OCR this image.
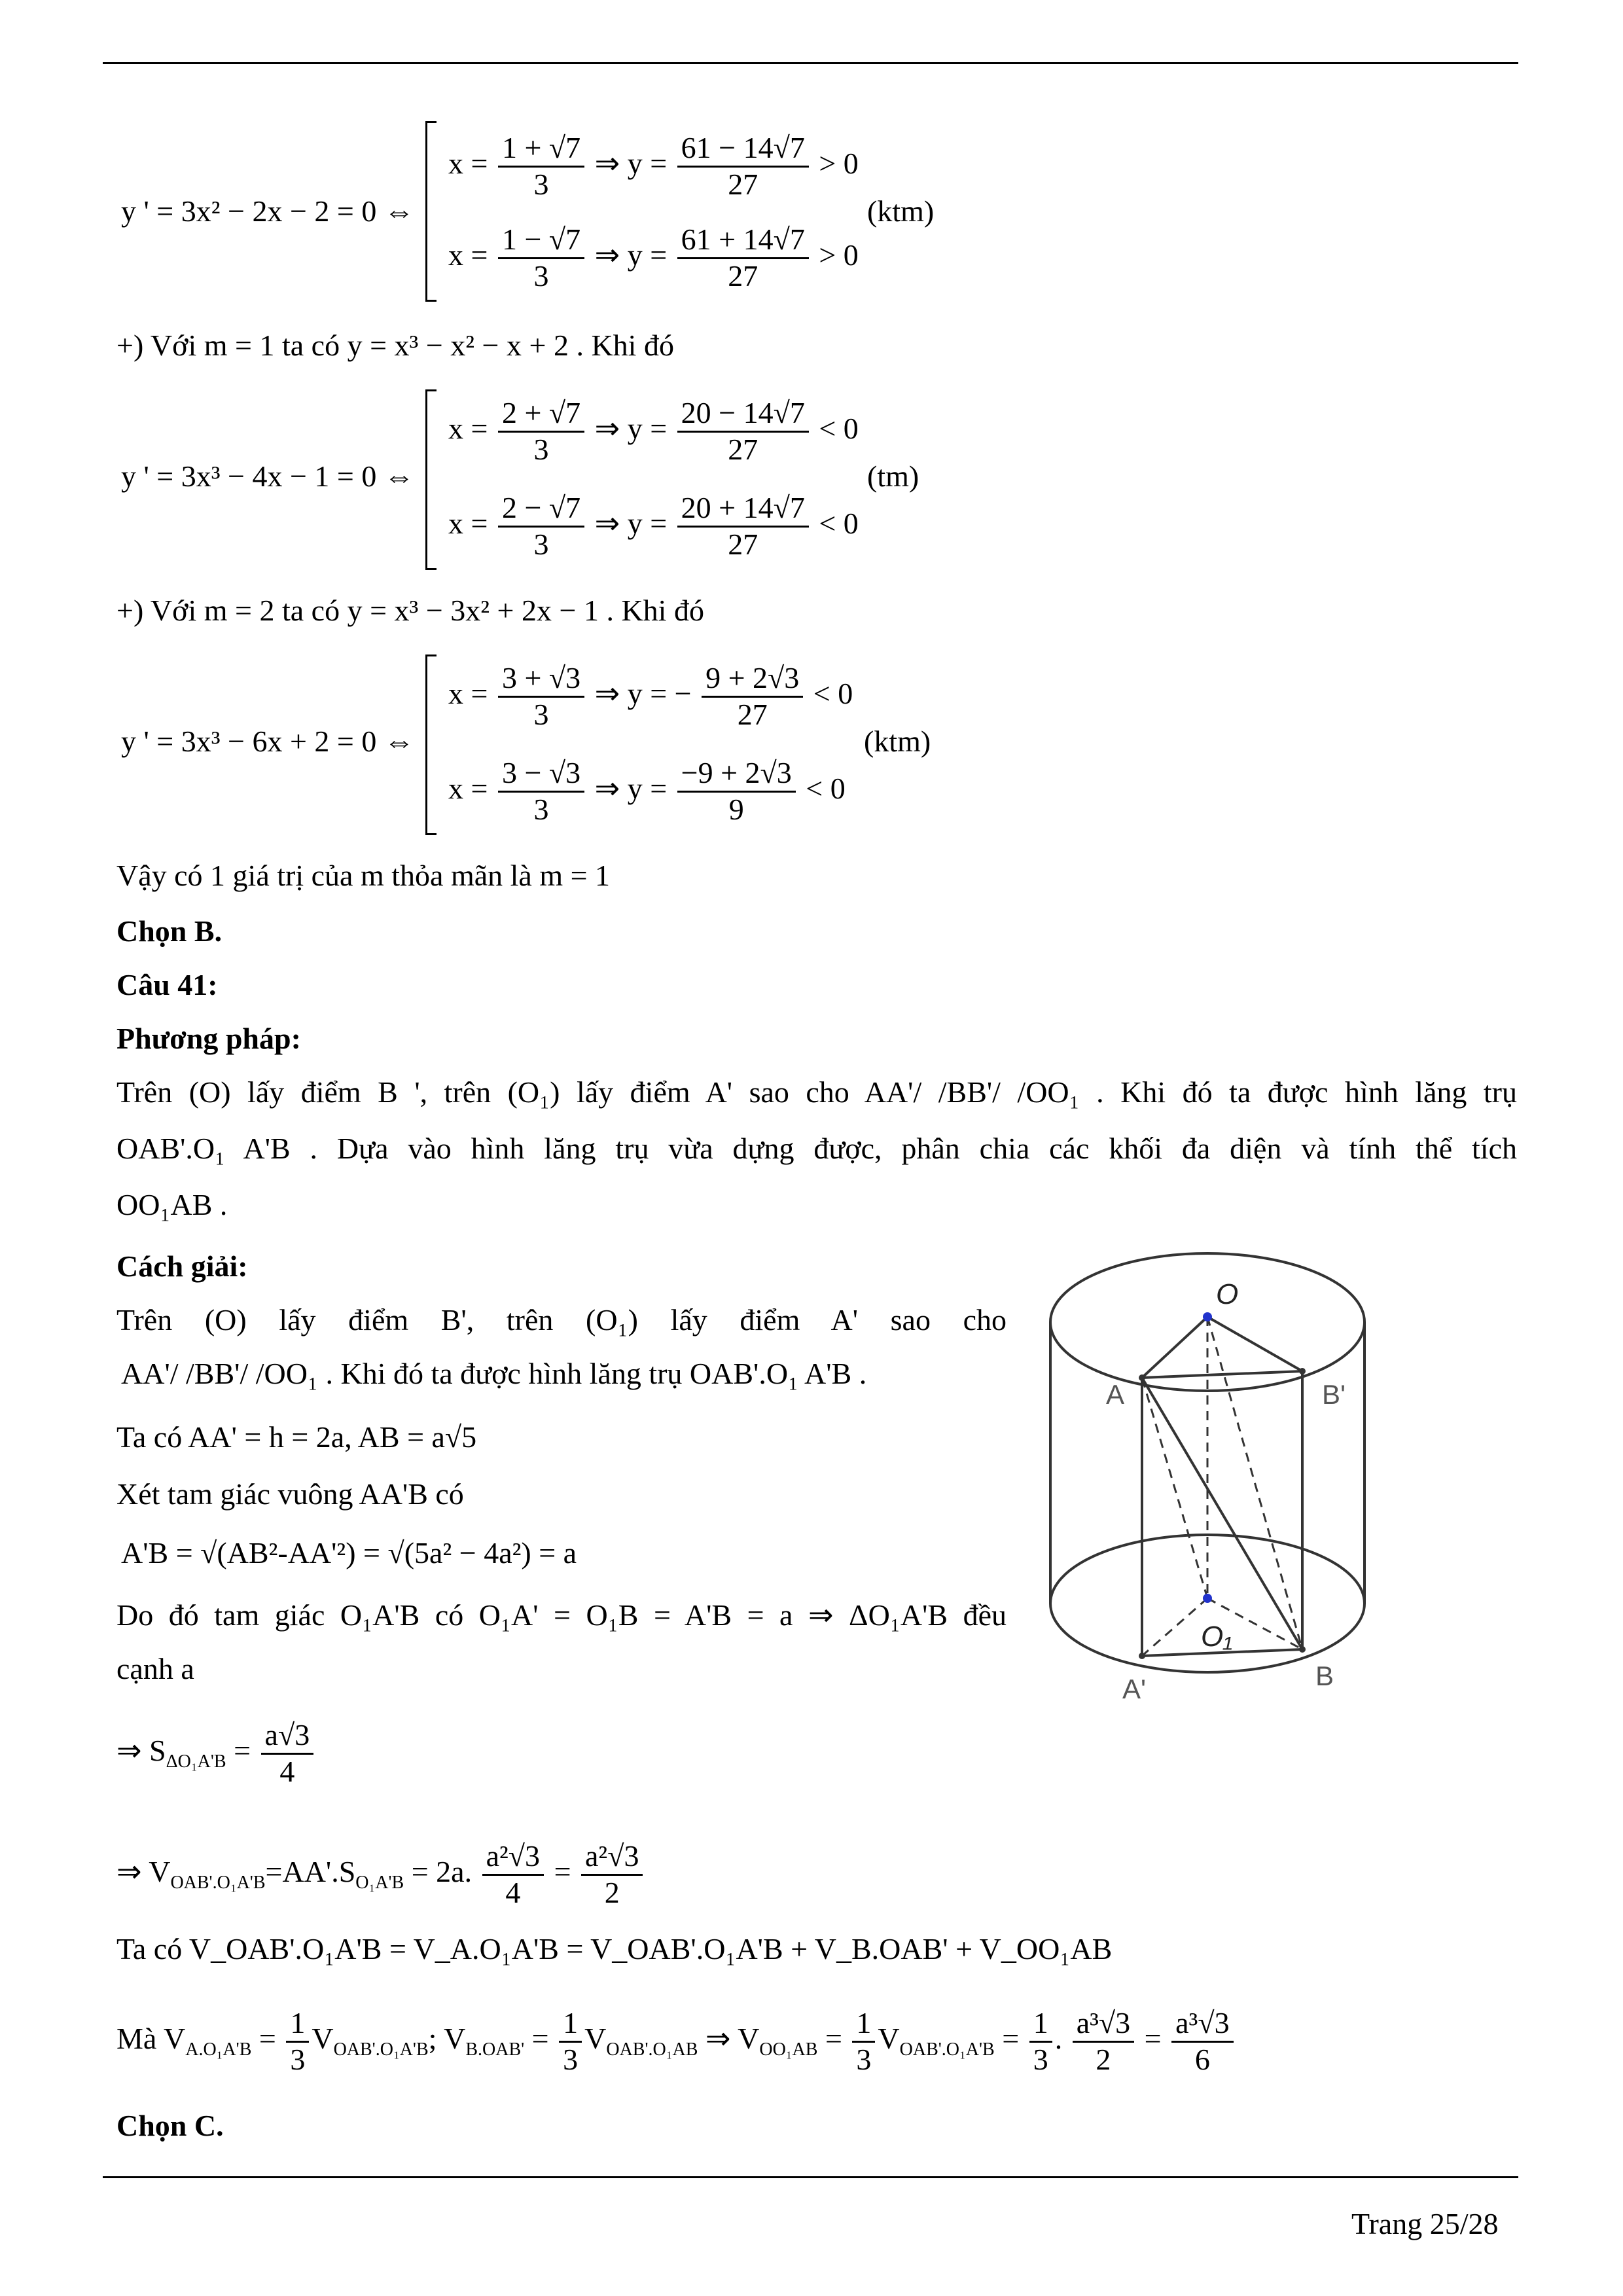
y ' = 3x² − 2x − 2 = 0 ⇔
$x = \frac{1 + √7}{3}$ ⇒ $y = \frac{61 - 14√7}{27} > 0$
(ktm)
$x = \frac{1 - √7}{3}$ ⇒ $y = \frac{61 + 14√7}{27} > 0$
+) Với m = 1 ta có y = x³ − x² − x + 2 . Khi đó
y ' = 3x³ − 4x − 1 = 0 ⇔
$x = \frac{2 + √7}{3}$ ⇒ $y = \frac{20 - 14√7}{27} < 0$
(tm)
$x = \frac{2 - √7}{3}$ ⇒ $y = \frac{20 + 14√7}{27} < 0$
+) Với m = 2 ta có y = x³ − 3x² + 2x − 1 . Khi đó
y ' = 3x³ − 6x + 2 = 0 ⇔
$x = \frac{3 + √3}{3}$ ⇒ y = − $\frac{9 + 2√3}{27} < 0$
(ktm)
$x = \frac{3 - √3}{3}$ ⇒ $y = \frac{-9 + 2√3}{9} < 0$
Vậy có 1 giá trị của m thỏa mãn là m = 1
Chọn B.
Câu 41:
Phương pháp:
Trên (O) lấy điểm B ', trên (O₁) lấy điểm A' sao cho AA'/ /BB'/ /OO₁ . Khi đó ta được hình lăng trụ
OAB'.O₁ A'B . Dựa vào hình lăng trụ vừa dựng được, phân chia các khối đa diện và tính thể tích
OO₁AB .
Cách giải:
Trên (O) lấy điểm B', trên (O₁) lấy điểm A' sao cho
AA'/ /BB'/ /OO₁ . Khi đó ta được hình lăng trụ OAB'.O₁ A'B .
Ta có AA' = h = 2a, AB = a√5
Xét tam giác vuông AA'B có
A'B = √(AB²-AA'²) = √(5a² − 4a²) = a
Do đó tam giác O₁A'B có O₁A' = O₁B = A'B = a ⇒ ΔO₁A'B đều
cạnh a
⇒ $S_{\Delta O_1A'B} = \frac{a√3}{4}$
⇒ $V_{OAB'.O_1A'B}=AA'.S_{O_1A'B} = 2a$. $\frac{\text{a²√3}}{4} = \frac{\text{a²√3}}{2}$
Ta có V_OAB'.O₁A'B = V_A.O₁A'B = V_OAB'.O₁A'B + V_B.OAB' + V_OO₁AB
Mà $V_{A.O_1A'B} = \frac{1}{3} V_{OAB'.O_1A'B}$; $V_{B.OAB'} = \frac{1}{3} V_{OAB'.O_1AB}$ ⇒ $V_{OO_1AB} = \frac{1}{3} V_{OAB'.O_1A'B} = \frac{1}{3}$ . $\frac{\text{a³√3}}{2} = \frac{\text{a³√3}}{6}$
Chọn C.
Trang 25/28
O
A	B'
O₁
A'	B
